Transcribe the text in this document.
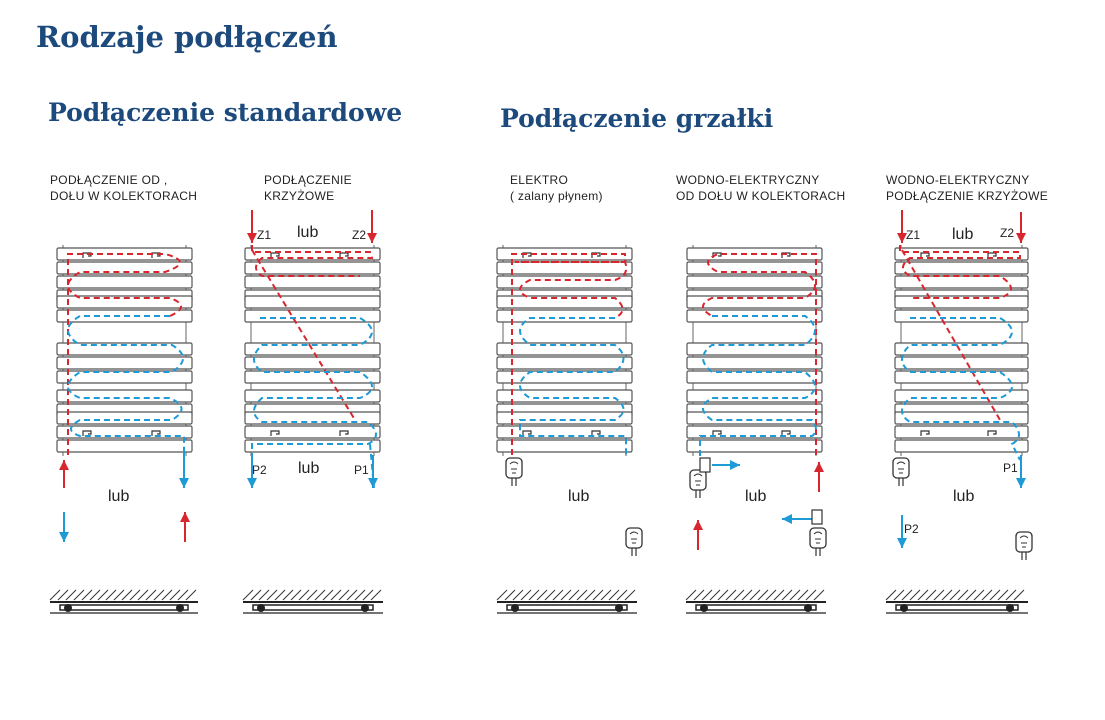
Rodzaje podłączeń
Podłączenie standardowe	Podłączenie grzałki
PODŁĄCZENIE OD ,
DOŁU W KOLEKTORACH
PODŁĄCZENIE
KRZYŻOWE
ELEKTRO
( zalany płynem)
WODNO-ELEKTRYCZNY
OD DOŁU W KOLEKTORACH
WODNO-ELEKTRYCZNY
PODŁĄCZENIE KRZYŻOWE
lub
lub
lub
lub	lub
lub
lub
Z1	Z2
P2	P1
Z1	Z2
P1
P2
